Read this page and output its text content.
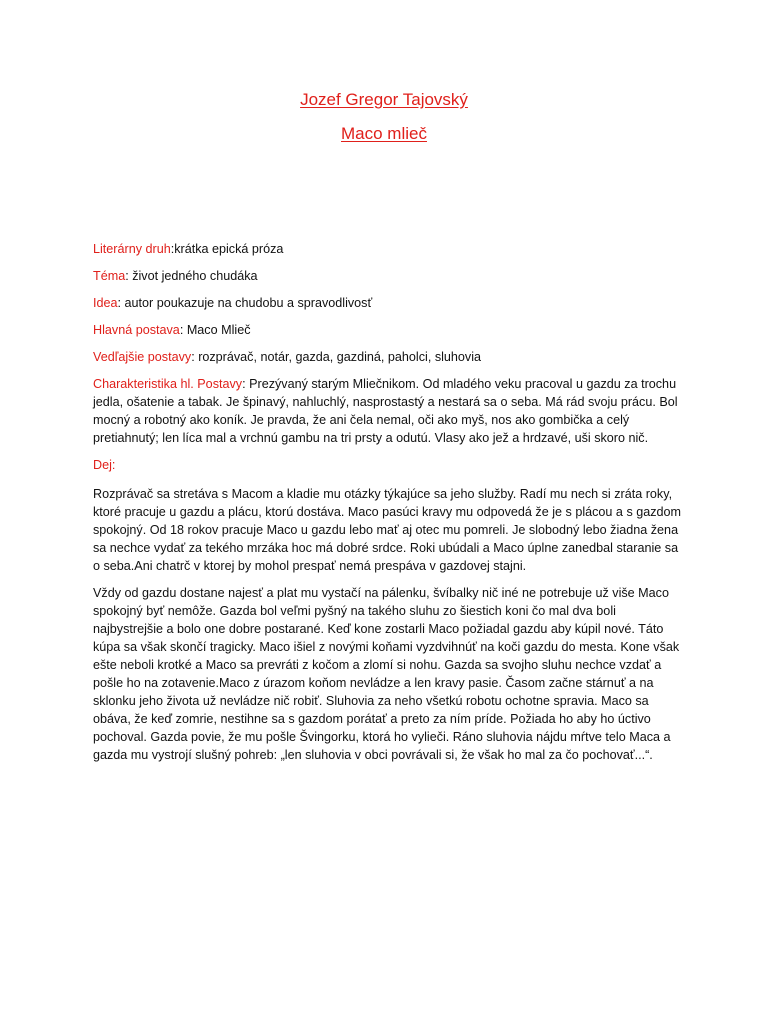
Jozef Gregor Tajovský
Maco mlieč

Literárny druh:krátka epická próza

Téma: život jedného chudáka

Idea: autor poukazuje na chudobu a spravodlivosť

Hlavná postava: Maco Mlieč

Vedľajšie postavy: rozprávač, notár, gazda, gazdiná, paholci, sluhovia

Charakteristika hl. Postavy: Prezývaný starým Mliečnikom. Od mladého veku pracoval u gazdu za trochu jedla, ošatenie a tabak. Je špinavý, nahluchlý, nasprostastý a nestará sa o seba. Má rád svoju prácu. Bol mocný a robotný ako koník. Je pravda, že ani čela nemal, oči ako myš, nos ako gombička a celý pretiahnutý; len líca mal a vrchnú gambu na tri prsty a odutú. Vlasy ako jež a hrdzavé, uši skoro nič.

Dej:

Rozprávač sa stretáva s Macom a kladie mu otázky týkajúce sa jeho služby. Radí mu nech si zráta roky, ktoré pracuje u gazdu a plácu, ktorú dostáva. Maco pasúci kravy mu odpovedá že je s plácou a s gazdom spokojný. Od 18 rokov pracuje Maco u gazdu lebo mať aj otec mu pomreli. Je slobodný lebo žiadna žena sa nechce vydať za tekého mrzáka hoc má dobré srdce. Roki ubúdali a Maco úplne zanedbal staranie sa o seba.Ani chatrč v ktorej by mohol prespať nemá prespáva v gazdovej stajni.

Vždy od gazdu dostane najesť a plat mu vystačí na pálenku, švíbalky nič iné ne potrebuje už više Maco spokojný byť nemôže. Gazda bol veľmi pyšný na takého sluhu zo šiestich koni čo mal dva boli najbystrejšie a bolo one dobre postarané. Keď kone zostarli Maco požiadal gazdu aby kúpil nové. Táto kúpa sa však skončí tragicky. Maco išiel z novými koňami vyzdvihnúť na koči gazdu do mesta. Kone však ešte neboli krotké a Maco sa prevráti z kočom a zlomí si nohu. Gazda sa svojho sluhu nechce vzdať a pošle ho na zotavenie.Maco z úrazom koňom nevládze a len kravy pasie. Časom začne stárnuť a na sklonku jeho života už nevládze nič robiť. Sluhovia za neho všetkú robotu ochotne spravia. Maco sa obáva, že keď zomrie, nestihne sa s gazdom porátať a preto za ním príde. Požiada ho aby ho úctivo pochoval. Gazda povie, že mu pošle Švingorku, ktorá ho vylieči. Ráno sluhovia nájdu mŕtve telo Maca a gazda mu vystrojí slušný pohreb: „len sluhovia v obci povrávali si, že však ho mal za čo pochovať...“.
